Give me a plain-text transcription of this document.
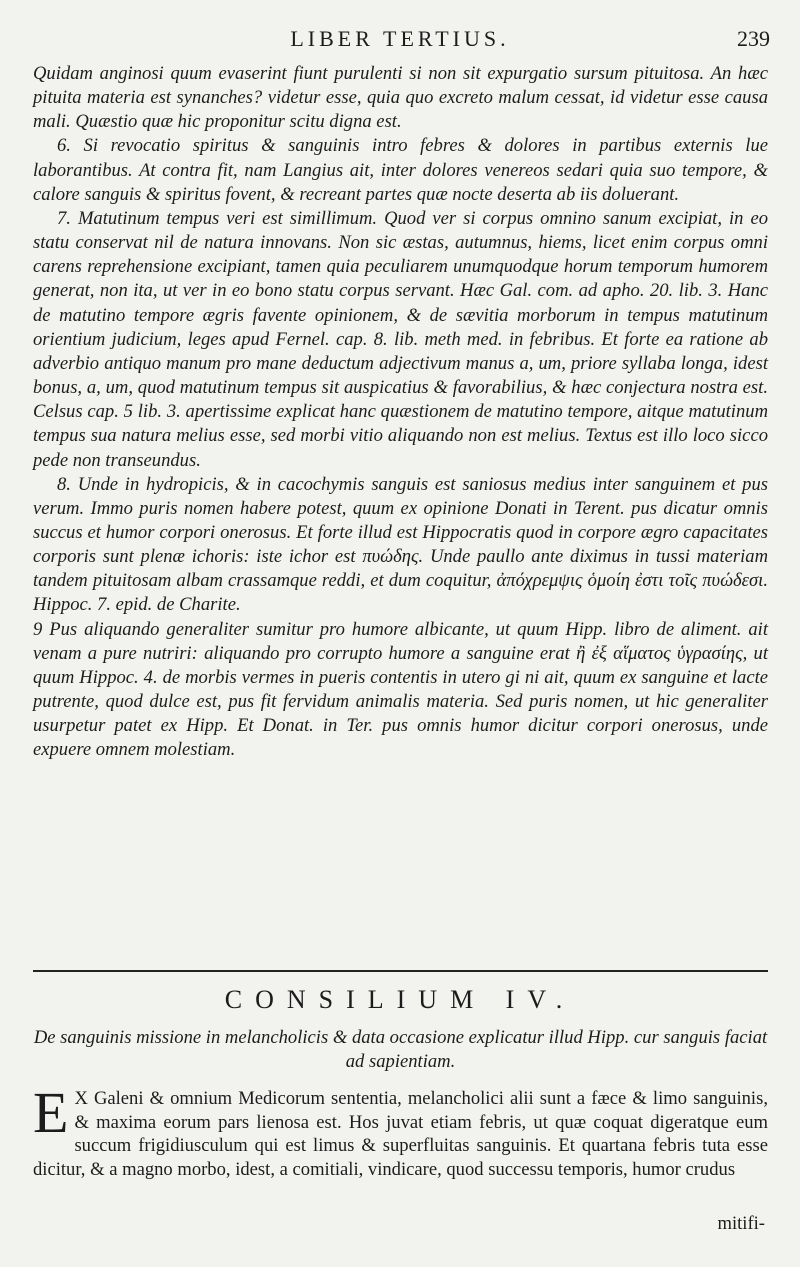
LIBER TERTIUS.	239

Quidam anginosi quum evaserint fiunt purulenti si non sit expurgatio sursum pituitosa. An hæc pituita materia est synanches? videtur esse, quia quo excreto malum cessat, id videtur esse causa mali. Quæstio quæ hic proponitur scitu digna est.

6. Si revocatio spiritus & sanguinis intro febres & dolores in partibus externis lue laborantibus. At contra fit, nam Langius ait, inter dolores venereos sedari quia suo tempore, & calore sanguis & spiritus fovent, & recreant partes quæ nocte deserta ab iis doluerant.

7. Matutinum tempus veri est simillimum. Quod ver si corpus omnino sanum excipiat, in eo statu conservat nil de natura innovans. Non sic æstas, autumnus, hiems, licet enim corpus omni carens reprehensione excipiant, tamen quia peculiarem unumquodque horum temporum humorem generat, non ita, ut ver in eo bono statu corpus servant. Hæc Gal. com. ad apho. 20. lib. 3. Hanc de matutino tempore ægris favente opinionem, & de sævitia morborum in tempus matutinum orientium judicium, leges apud Fernel. cap. 8. lib. meth med. in febribus. Et forte ea ratione ab adverbio antiquo manum pro mane deductum adjectivum manus a, um, priore syllaba longa, idest bonus, a, um, quod matutinum tempus sit auspicatius & favorabilius, & hæc conjectura nostra est. Celsus cap. 5 lib. 3. apertissime explicat hanc quæstionem de matutino tempore, aitque matutinum tempus sua natura melius esse, sed morbi vitio aliquando non est melius. Textus est illo loco sicco pede non transeundus.

8. Unde in hydropicis, & in cacochymis sanguis est saniosus medius inter sanguinem et pus verum. Immo puris nomen habere potest, quum ex opinione Donati in Terent. pus dicatur omnis succus et humor corpori onerosus. Et forte illud est Hippocratis quod in corpore ægro capacitates corporis sunt plenæ ichoris: iste ichor est πυώδης. Unde paullo ante diximus in tussi materiam tandem pituitosam albam crassamque reddi, et dum coquitur, ἀπόχρεμψις ὁμοίη ἐστι τοῖς πυώδεσι. Hippoc. 7. epid. de Charite.

9 Pus aliquando generaliter sumitur pro humore albicante, ut quum Hipp. libro de aliment. ait venam a pure nutriri: aliquando pro corrupto humore a sanguine erat ἢ ἐξ αἵματος ὑγρασίης, ut quum Hippoc. 4. de morbis vermes in pueris contentis in utero gi ni ait, quum ex sanguine et lacte putrente, quod dulce est, pus fit fervidum animalis materia. Sed puris nomen, ut hic generaliter usurpetur patet ex Hipp. Et Donat. in Ter. pus omnis humor dicitur corpori onerosus, unde expuere omnem molestiam.

CONSILIUM IV.
De sanguinis missione in melancholicis & data occasione explicatur illud Hipp. cur sanguis faciat ad sapientiam.

E X Galeni & omnium Medicorum sententia, melancholici alii sunt a fæce & limo sanguinis, & maxima eorum pars lienosa est. Hos juvat etiam febris, ut quæ coquat digeratque eum succum frigidiusculum qui est limus & superfluitas sanguinis. Et quartana febris tuta esse dicitur, & a magno morbo, idest, a comitiali, vindicare, quod successu temporis, humor crudus

mitifi-
